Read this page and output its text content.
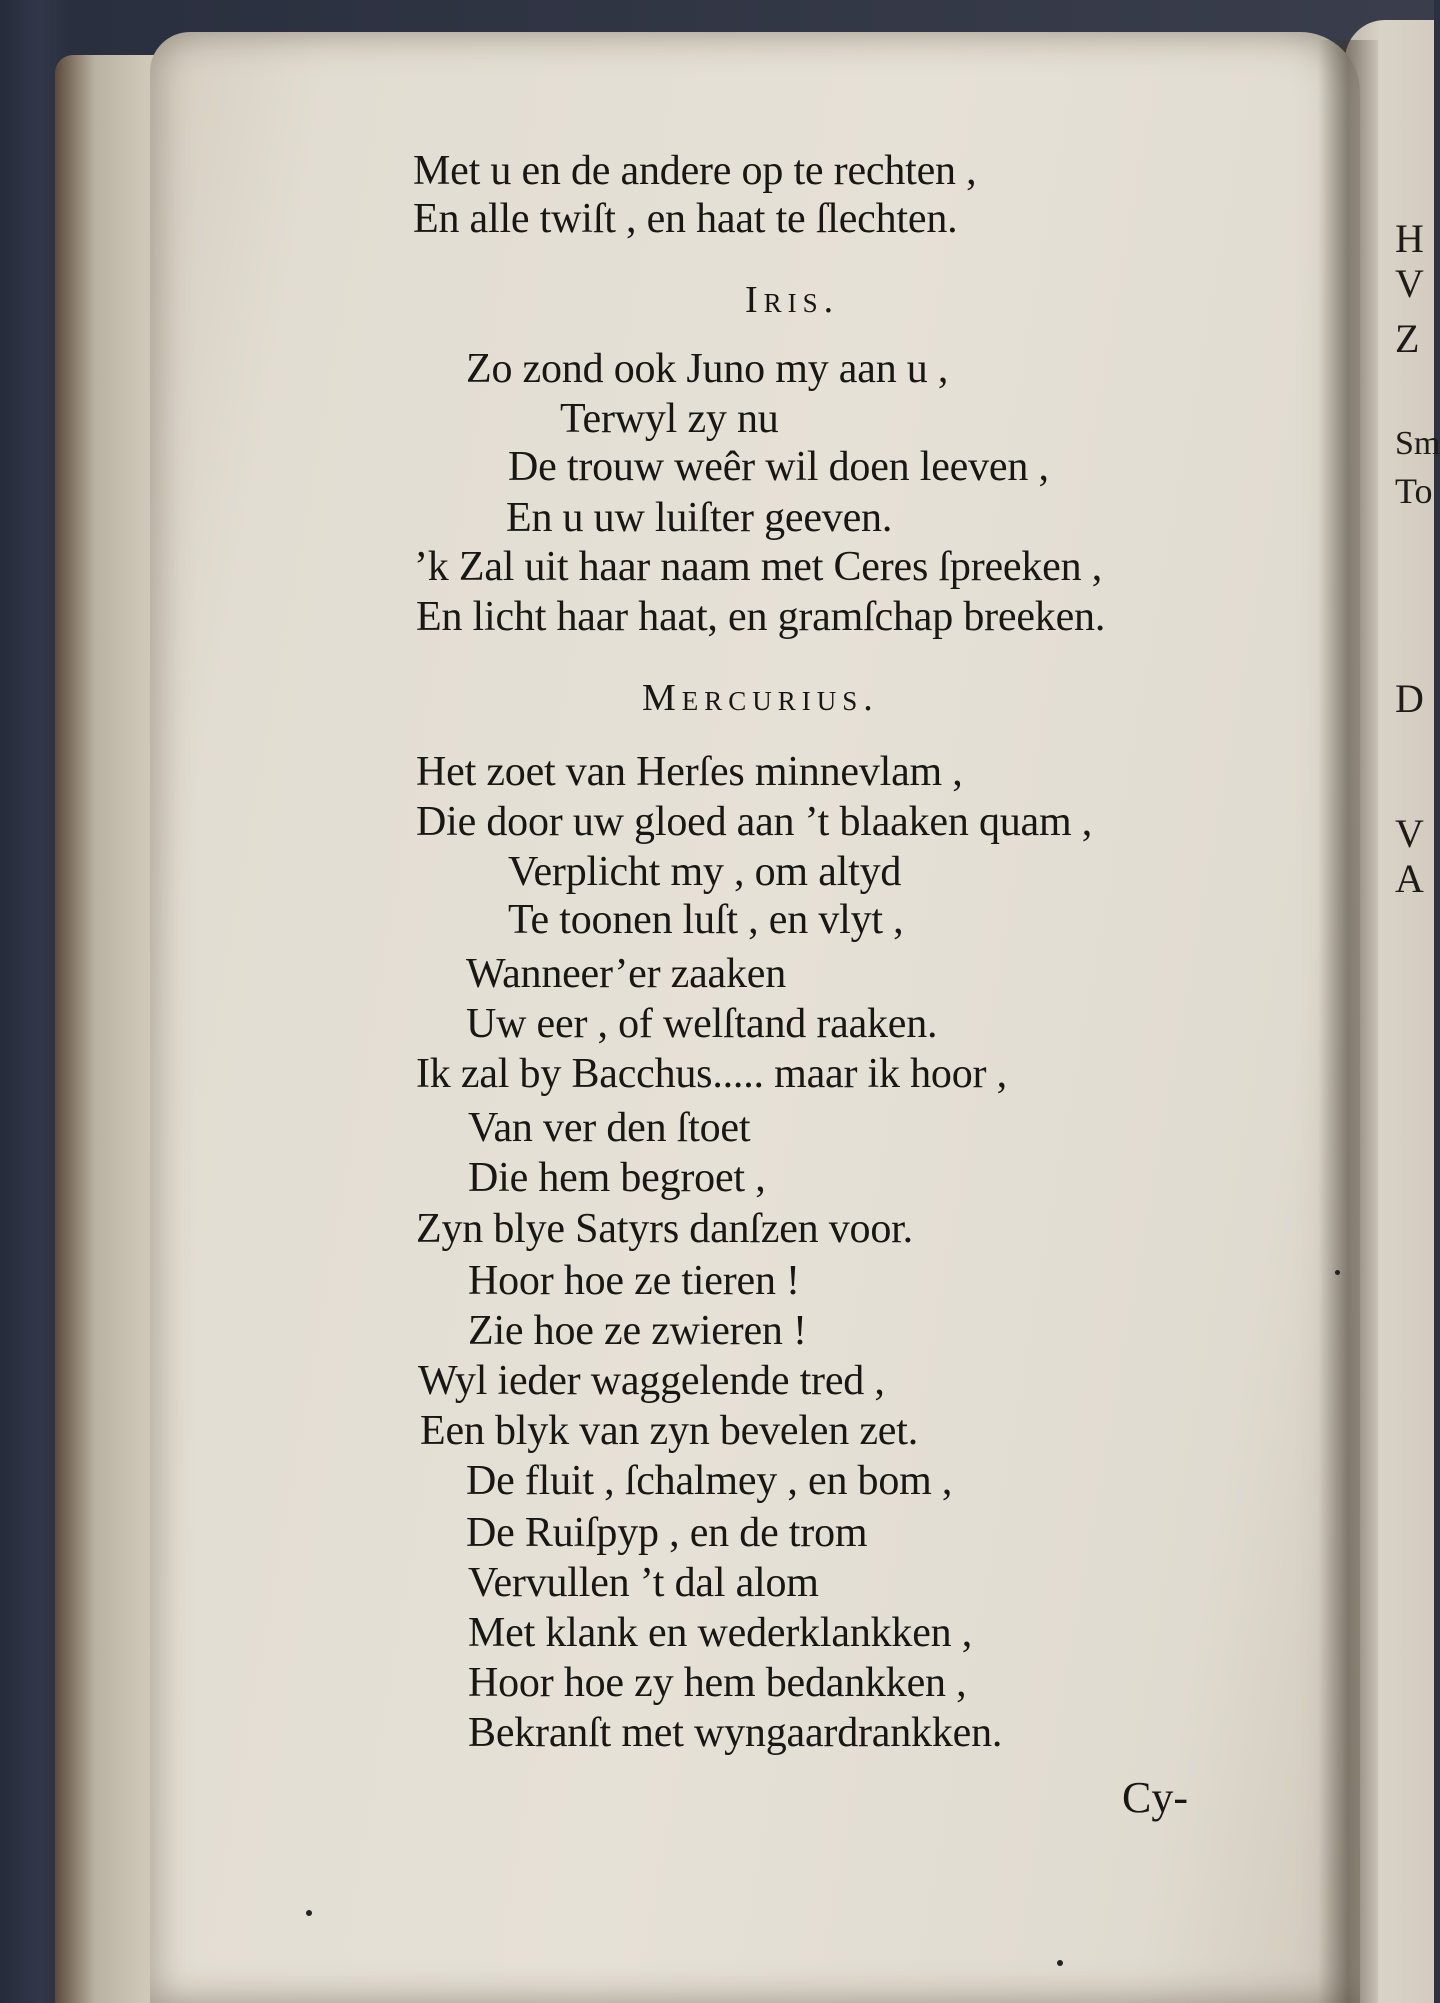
H
V
Z
Sm
To
D
V
A
Met u en de andere op te rechten ,
En alle twiſt , en haat te ſlechten.
Iris.
Zo zond ook Juno my aan u ,
Terwyl zy nu
De trouw weêr wil doen leeven ,
En u uw luiſter geeven.
’k Zal uit haar naam met Ceres ſpreeken ,
En licht haar haat, en gramſchap breeken.
Mercurius.
Het zoet van Herſes minnevlam ,
Die door uw gloed aan ’t blaaken quam ,
Verplicht my , om altyd
Te toonen luſt , en vlyt ,
Wanneer’er zaaken
Uw eer , of welſtand raaken.
Ik zal by Bacchus..... maar ik hoor ,
Van ver den ſtoet
Die hem begroet ,
Zyn blye Satyrs danſzen voor.
Hoor hoe ze tieren !
Zie hoe ze zwieren !
Wyl ieder waggelende tred ,
Een blyk van zyn bevelen zet.
De fluit , ſchalmey , en bom ,
De Ruiſpyp , en de trom
Vervullen ’t dal alom
Met klank en wederklankken ,
Hoor hoe zy hem bedankken ,
Bekranſt met wyngaardrankken.
Cy-
